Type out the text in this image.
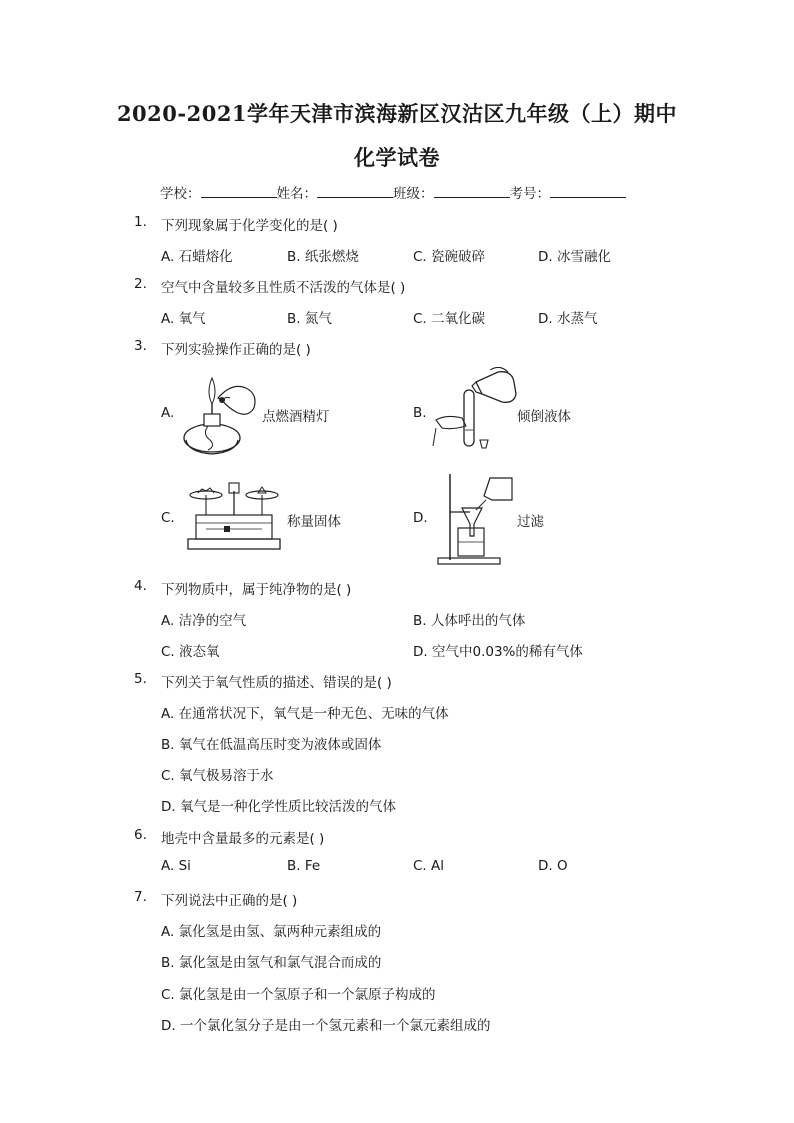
2020-2021学年天津市滨海新区汉沽区九年级（上）期中
化学试卷
学校：	姓名：	班级：	考号：
1.	下列现象属于化学变化的是( )
A. 石蜡熔化	B. 纸张燃烧	C. 瓷碗破碎	D. 冰雪融化
2.	空气中含量较多且性质不活泼的气体是( )
A. 氧气	B. 氮气	C. 二氧化碳	D. 水蒸气
3.	下列实验操作正确的是( )
A.	点燃酒精灯	B.	倾倒液体
C.	称量固体	D.	过滤
4.	下列物质中，属于纯净物的是( )
A. 洁净的空气	B. 人体呼出的气体
C. 液态氧	D. 空气中0.03%的稀有气体
5.	下列关于氧气性质的描述、错误的是( )
A. 在通常状况下，氧气是一种无色、无味的气体
B. 氧气在低温高压时变为液体或固体
C. 氧气极易溶于水
D. 氧气是一种化学性质比较活泼的气体
6.	地壳中含量最多的元素是( )
A. Si	B. Fe	C. Al	D. O
7.	下列说法中正确的是( )
A. 氯化氢是由氢、氯两种元素组成的
B. 氯化氢是由氢气和氯气混合而成的
C. 氯化氢是由一个氢原子和一个氯原子构成的
D. 一个氯化氢分子是由一个氢元素和一个氯元素组成的
